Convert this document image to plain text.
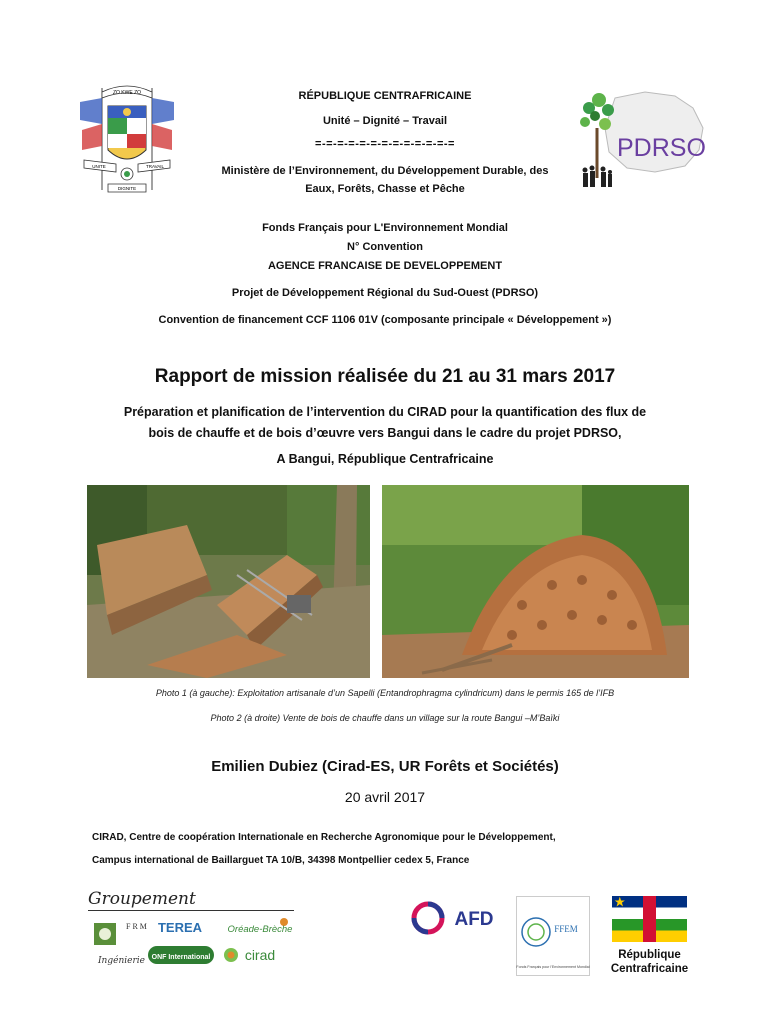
ZO KWE ZO
UNITE	TRAVAIL
DIGNITE
RÉPUBLIQUE CENTRAFRICAINE
Unité – Dignité – Travail
=-=-=-=-=-=-=-=-=-=-=-=-=
Ministère de l’Environnement, du Développement Durable, des
Eaux, Forêts, Chasse et Pêche
PDRSO
Fonds Français pour L'Environnement Mondial
N° Convention
AGENCE FRANCAISE DE DEVELOPPEMENT
Projet de Développement Régional du Sud-Ouest (PDRSO)
Convention de financement CCF 1106 01V (composante principale « Développement »)
Rapport de mission réalisée du 21 au 31 mars 2017
Préparation et planification de l’intervention du CIRAD pour la quantification des flux de
bois de chauffe et de bois d’œuvre vers Bangui dans le cadre du projet PDRSO,
A Bangui, République Centrafricaine
Photo 1 (à gauche): Exploitation artisanale d’un Sapelli (Entandrophragma cylindricum) dans le permis 165 de l’IFB
Photo 2 (à droite) Vente de bois de chauffe dans un village sur la route Bangui –M’Baïki
Emilien Dubiez (Cirad-ES, UR Forêts et Sociétés)
20 avril 2017
CIRAD, Centre de coopération Internationale en Recherche Agronomique pour le Développement,
Campus international de Baillarguet TA 10/B, 34398 Montpellier cedex 5, France
Groupement
F R M
Ingénierie
TEREA	Oréade-Brèche
ONF International cirad
AFD	FFEM
Fonds Français pour l'Environnement Mondial
République
Centrafricaine
